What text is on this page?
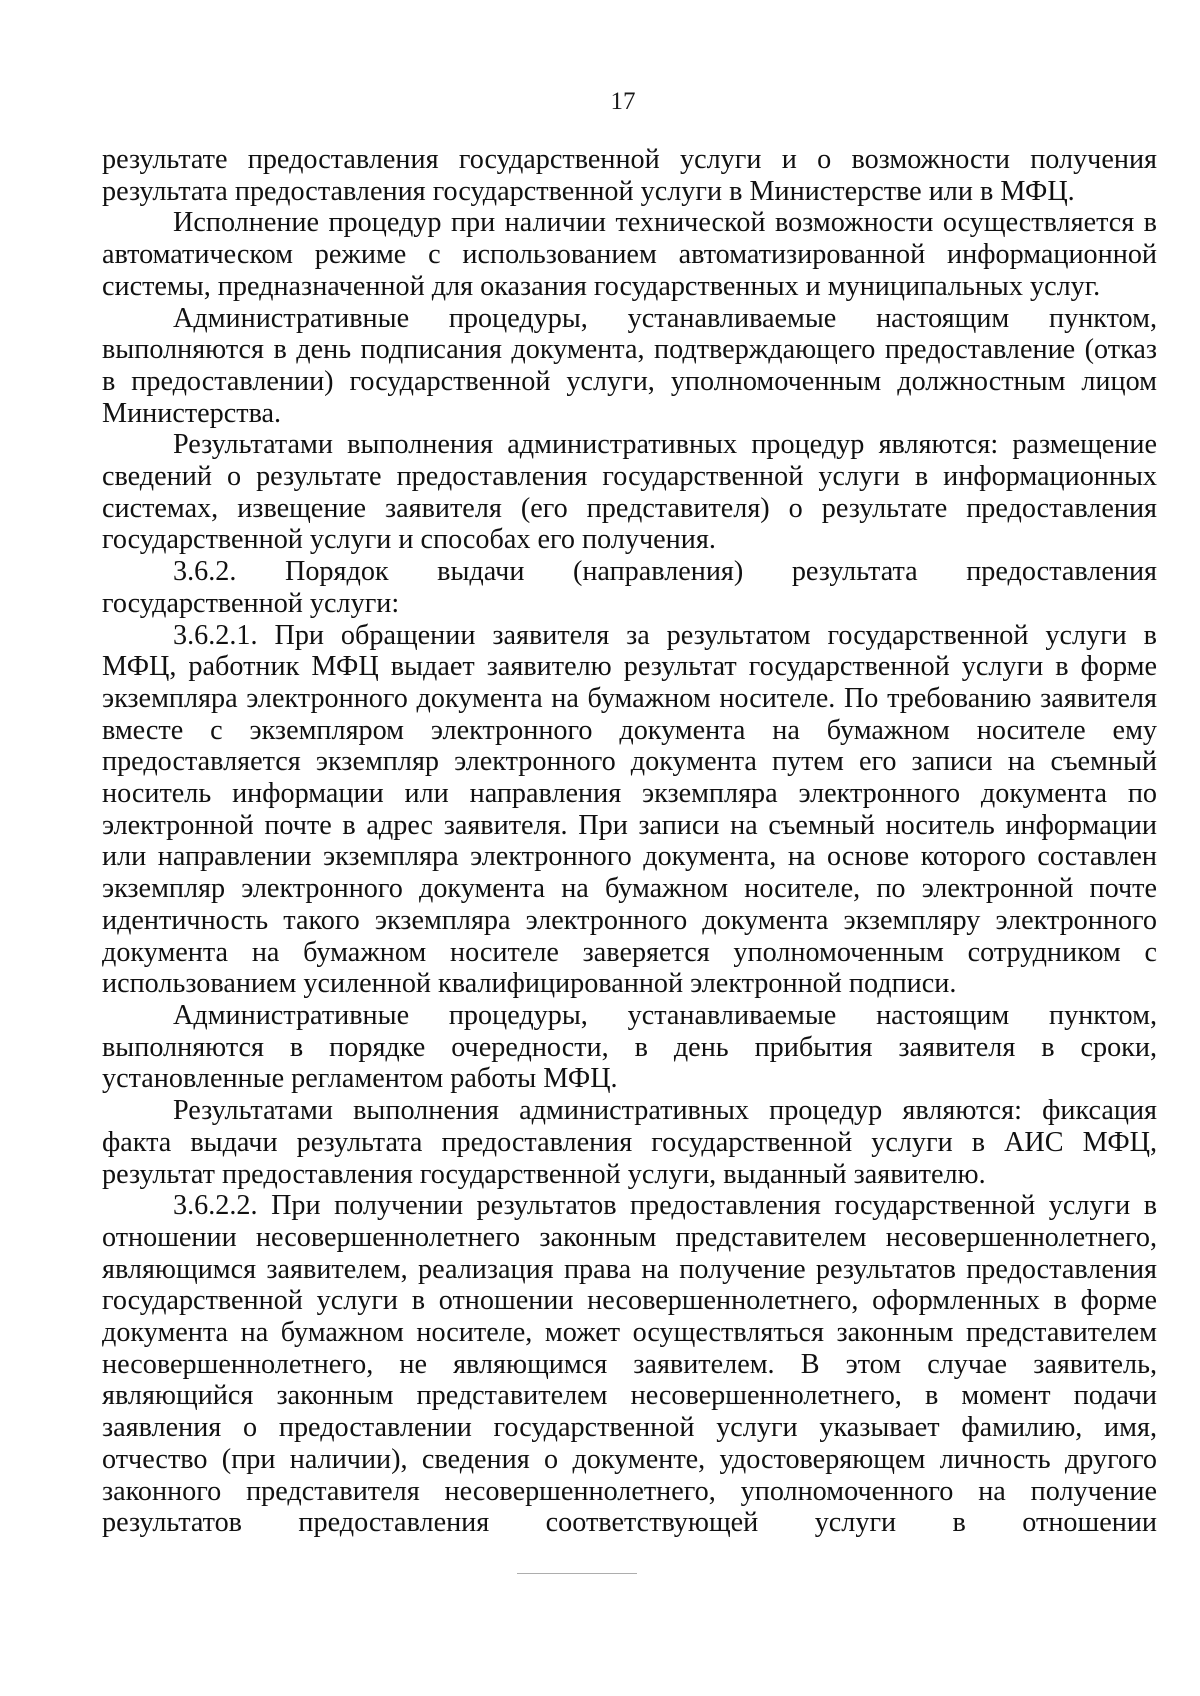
17

результате предоставления государственной услуги и о возможности получения результата предоставления государственной услуги в Министерстве или в МФЦ.

Исполнение процедур при наличии технической возможности осуществляется в автоматическом режиме с использованием автоматизированной информационной системы, предназначенной для оказания государственных и муниципальных услуг.

Административные процедуры, устанавливаемые настоящим пунктом, выполняются в день подписания документа, подтверждающего предоставление (отказ в предоставлении) государственной услуги, уполномоченным должностным лицом Министерства.

Результатами выполнения административных процедур являются: размещение сведений о результате предоставления государственной услуги в информационных системах, извещение заявителя (его представителя) о результате предоставления государственной услуги и способах его получения.

3.6.2. Порядок выдачи (направления) результата предоставления государственной услуги:

3.6.2.1. При обращении заявителя за результатом государственной услуги в МФЦ, работник МФЦ выдает заявителю результат государственной услуги в форме экземпляра электронного документа на бумажном носителе. По требованию заявителя вместе с экземпляром электронного документа на бумажном носителе ему предоставляется экземпляр электронного документа путем его записи на съемный носитель информации или направления экземпляра электронного документа по электронной почте в адрес заявителя. При записи на съемный носитель информации или направлении экземпляра электронного документа, на основе которого составлен экземпляр электронного документа на бумажном носителе, по электронной почте идентичность такого экземпляра электронного документа экземпляру электронного документа на бумажном носителе заверяется уполномоченным сотрудником с использованием усиленной квалифицированной электронной подписи.

Административные процедуры, устанавливаемые настоящим пунктом, выполняются в порядке очередности, в день прибытия заявителя в сроки, установленные регламентом работы МФЦ.

Результатами выполнения административных процедур являются: фиксация факта выдачи результата предоставления государственной услуги в АИС МФЦ, результат предоставления государственной услуги, выданный заявителю.

3.6.2.2. При получении результатов предоставления государственной услуги в отношении несовершеннолетнего законным представителем несовершеннолетнего, являющимся заявителем, реализация права на получение результатов предоставления государственной услуги в отношении несовершеннолетнего, оформленных в форме документа на бумажном носителе, может осуществляться законным представителем несовершеннолетнего, не являющимся заявителем. В этом случае заявитель, являющийся законным представителем несовершеннолетнего, в момент подачи заявления о предоставлении государственной услуги указывает фамилию, имя, отчество (при наличии), сведения о документе, удостоверяющем личность другого законного представителя несовершеннолетнего, уполномоченного на получение результатов предоставления соответствующей услуги в отношении
